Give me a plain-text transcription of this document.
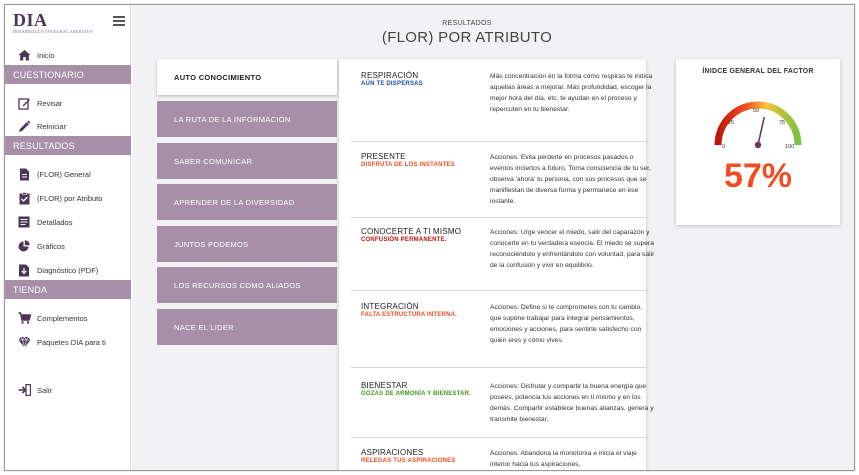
DIA
DESARROLLO INTEGRAL ASERTIVO
Inicio
CUESTIONARIO
Revisar
Reiniciar
RESULTADOS
(FLOR) General
(FLOR) por Atributo
Detallados
Gráficos
Diagnóstico (PDF)
TIENDA
Complementos
Paquetes DIA para ti
Salir
RESULTADOS
(FLOR) POR ATRIBUTO
AUTO CONOCIMIENTO
LA RUTA DE LA INFORMACIÓN
SABER COMUNICAR
APRENDER DE LA DIVERSIDAD
JUNTOS PODEMOS
LOS RECURSOS COMO ALIADOS
NACE EL LIDER
RESPIRACIÓN
AÚN TE DISPERSAS
Más concentración en la forma cómo respiras te indica aquellas áreas a mejorar. Más profundidad, escoger la mejor hora del día, etc. te ayudan en el proceso y repercuten en tu bienestar.
PRESENTE
DISFRUTA DE LOS INSTANTES
Acciones: Evita perderte en procesos pasados o eventos inciertos a futuro. Toma consciencia de tu ser, observa 'ahora' tu persona, con sus procesos que se manifiestan de diversa forma y permanece en ese instante.
CONOCERTE A TI MISMO
CONFUSIÓN PERMANENTE.
Acciones: Urge vencer el miedo, salir del caparazón y conocerte en tu verdadera esencia. El miedo se supera reconociéndolo y enfrentándolo con voluntad, para salir de la confusión y vivir en equilibrio.
INTEGRACIÓN
FALTA ESTRUCTURA INTERNA.
Acciones: Define si te comprometes con tu cambio, que supone trabajar para integrar pensamientos, emociones y acciones, para sentirte satisfecho con quién eres y cómo vives.
BIENESTAR
GOZAS DE ARMONÍA Y BIENESTAR.
Acciones: Disfrutar y compartir la buena energía que posees, potencia tus acciones en ti mismo y en los demás. Compartir establece buenas alianzas, genera y transmite bienestar.
ASPIRACIONES
RELEGAS TUS ASPIRACIONES
Acciones: Abandona la monotonía e inicia el viaje interior hacia tus aspiraciones,
ÍNIDCE GENERAL DEL FACTOR
0
25
50
75
100
57%
